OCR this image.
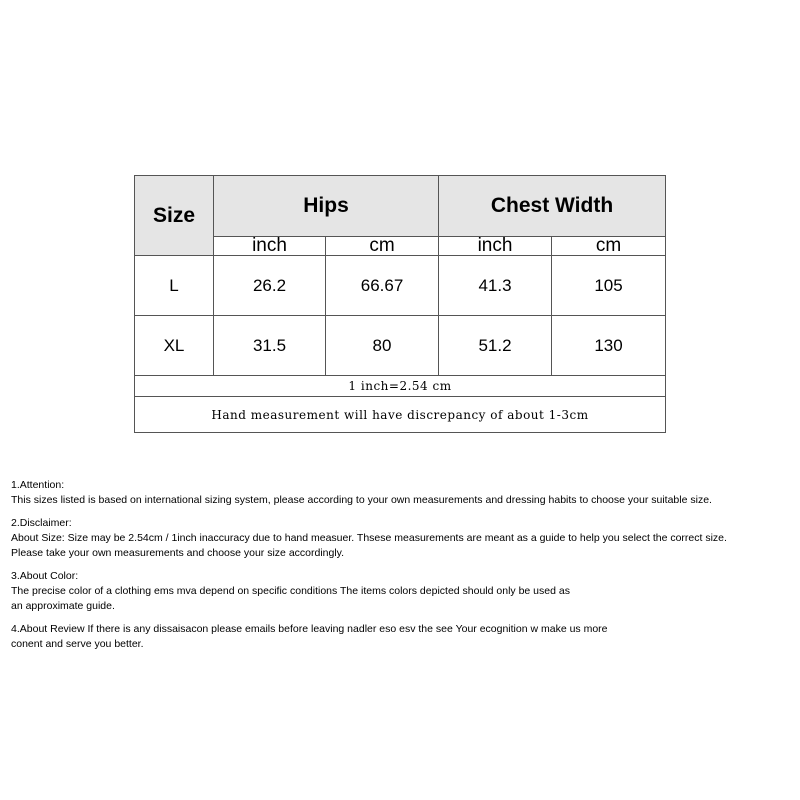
Size	Hips		Chest Width	
	inch	cm	inch	cm
L	26.2	66.67	41.3	105
XL	31.5	80	51.2	130
1 inch=2.54 cm				
Hand measurement will have discrepancy of about 1-3cm				
1.Attention:
This sizes listed is based on international sizing system, please according to your own measurements and dressing habits to choose your suitable size.
2.Disclaimer:
About Size: Size may be 2.54cm / 1inch inaccuracy due to hand measuer. Thsese measurements are meant as a guide to help you select the correct size.
Please take your own measurements and choose your size accordingly.
3.About Color:
The precise color of a clothing ems mva depend on specific conditions The items colors depicted should only be used as
an approximate guide.
4.About Review If there is any dissaisacon please emails before leaving nadler eso esv the see Your ecognition w make us more
conent and serve you better.
